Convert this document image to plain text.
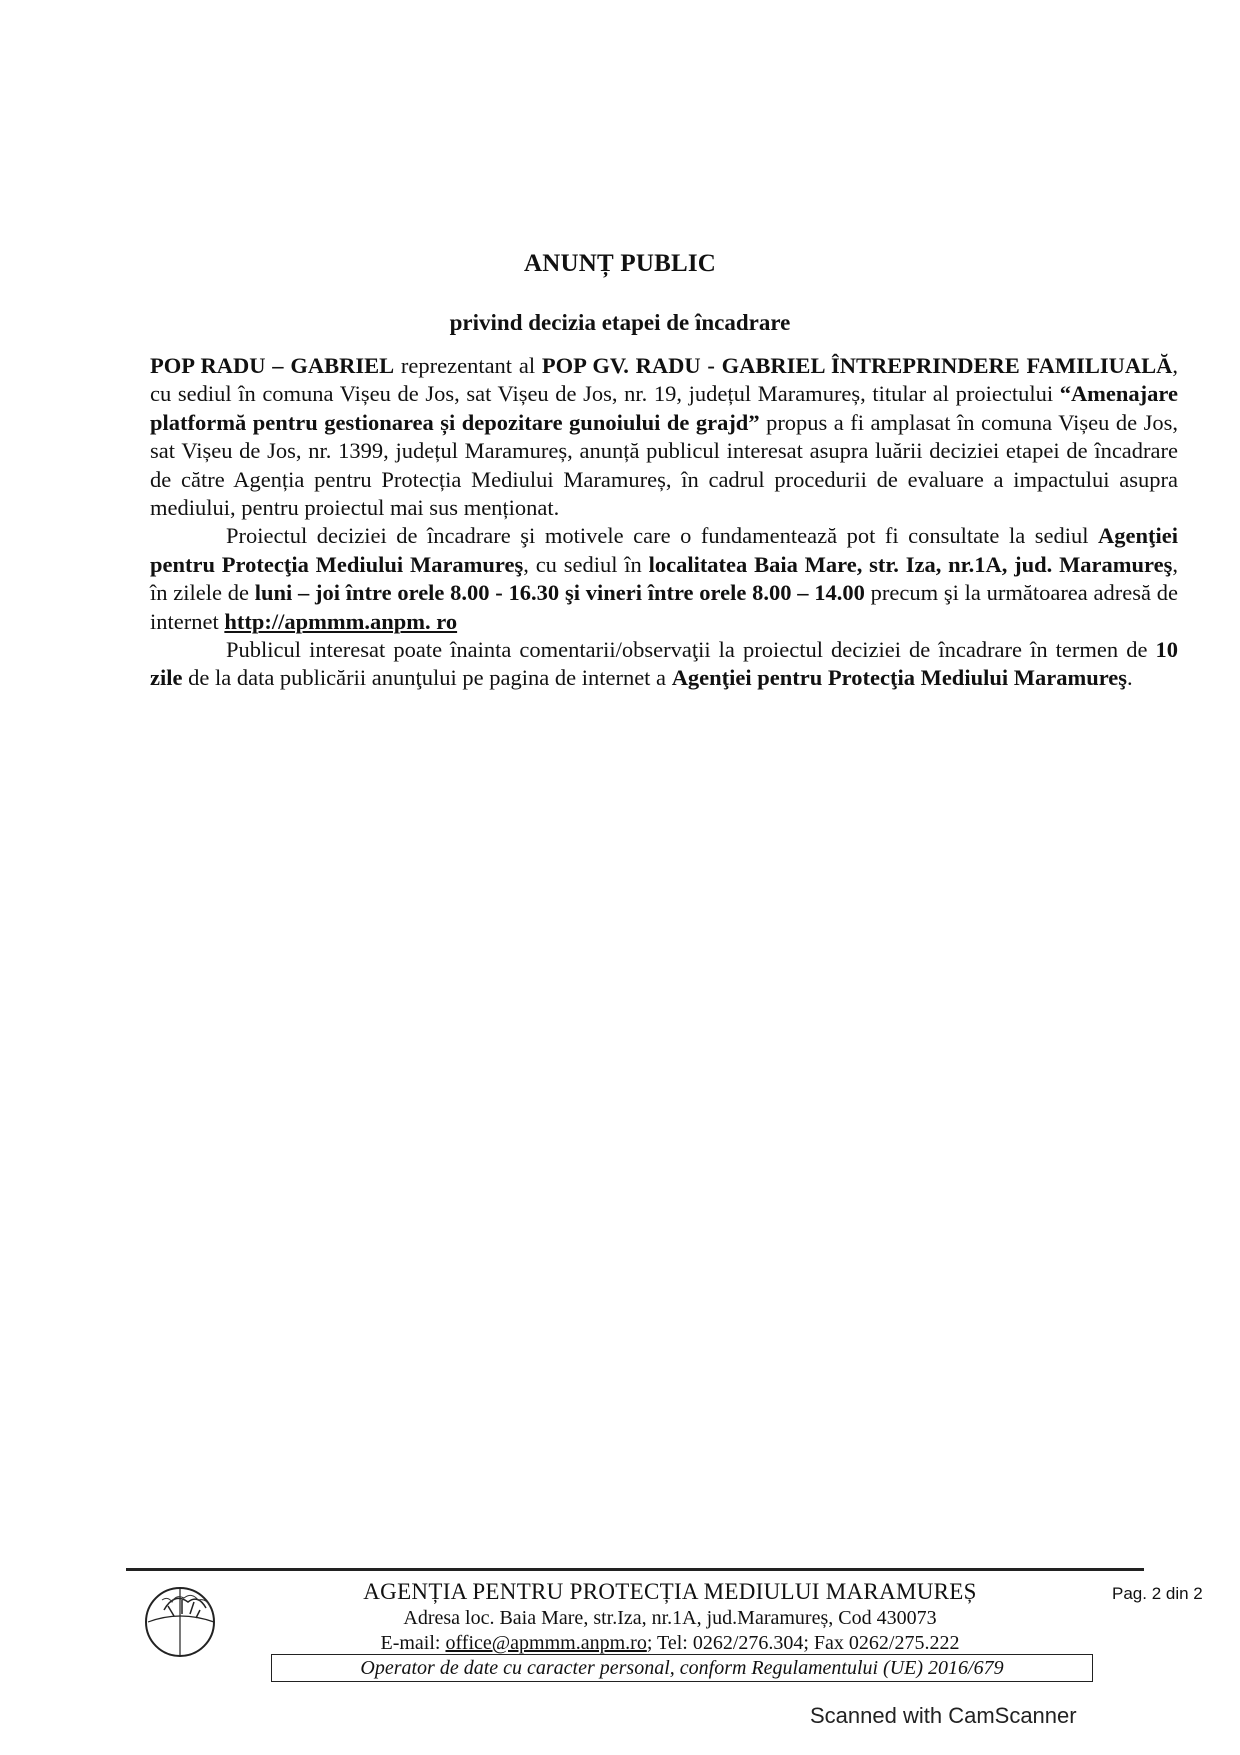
ANUNȚ PUBLIC
privind decizia etapei de încadrare

POP RADU – GABRIEL reprezentant al POP GV. RADU - GABRIEL ÎNTREPRINDERE FAMILIUALĂ, cu sediul în comuna Vișeu de Jos, sat Vișeu de Jos, nr. 19, județul Maramureș, titular al proiectului “Amenajare platformă pentru gestionarea și depozitare gunoiului de grajd” propus a fi amplasat în comuna Vișeu de Jos, sat Vișeu de Jos, nr. 1399, județul Maramureș, anunță publicul interesat asupra luării deciziei etapei de încadrare de către Agenția pentru Protecția Mediului Maramureș, în cadrul procedurii de evaluare a impactului asupra mediului, pentru proiectul mai sus menționat.

Proiectul deciziei de încadrare şi motivele care o fundamentează pot fi consultate la sediul Agenţiei pentru Protecţia Mediului Maramureş, cu sediul în localitatea Baia Mare, str. Iza, nr.1A, jud. Maramureş, în zilele de luni – joi între orele 8.00 - 16.30 şi vineri între orele 8.00 – 14.00 precum şi la următoarea adresă de internet http://apmmm.anpm. ro

Publicul interesat poate înainta comentarii/observaţii la proiectul deciziei de încadrare în termen de 10 zile de la data publicării anunţului pe pagina de internet a Agenţiei pentru Protecţia Mediului Maramureş.

AGENȚIA PENTRU PROTECȚIA MEDIULUI MARAMUREȘ
Adresa loc. Baia Mare, str.Iza, nr.1A, jud.Maramureș, Cod 430073
E-mail: office@apmmm.anpm.ro; Tel: 0262/276.304; Fax 0262/275.222
Operator de date cu caracter personal, conform Regulamentului (UE) 2016/679
Pag. 2 din 2
Scanned with CamScanner
